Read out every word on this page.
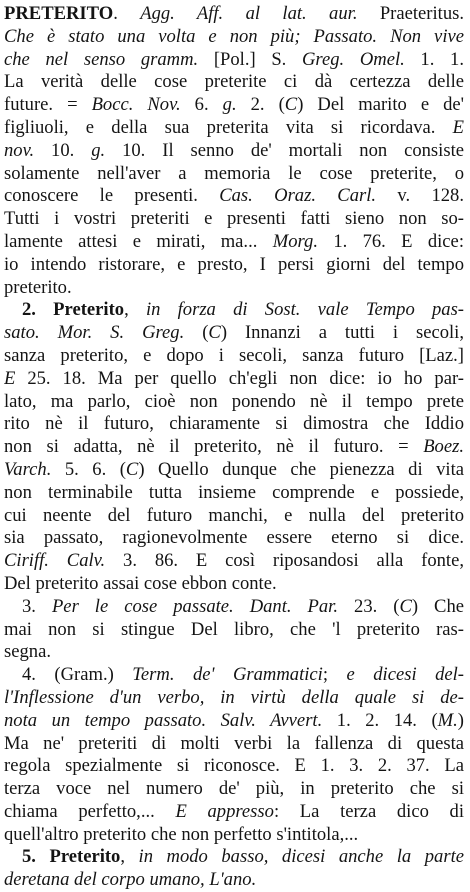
PRETERITO. Agg. Aff. al lat. aur. Praeteritus.
Che è stato una volta e non più; Passato. Non vive
che nel senso gramm. [Pol.] S. Greg. Omel. 1. 1.
La verità delle cose preterite ci dà certezza delle
future. = Bocc. Nov. 6. g. 2. (C) Del marito e de'
figliuoli, e della sua preterita vita si ricordava. E
nov. 10. g. 10. Il senno de' mortali non consiste
solamente nell'aver a memoria le cose preterite, o
conoscere le presenti. Cas. Oraz. Carl. v. 128.
Tutti i vostri preteriti e presenti fatti sieno non so-
lamente attesi e mirati, ma... Morg. 1. 76. E dice:
io intendo ristorare, e presto, I persi giorni del tempo
preterito.
2. Preterito, in forza di Sost. vale Tempo pas-
sato. Mor. S. Greg. (C) Innanzi a tutti i secoli,
sanza preterito, e dopo i secoli, sanza futuro [Laz.]
E 25. 18. Ma per quello ch'egli non dice: io ho par-
lato, ma parlo, cioè non ponendo nè il tempo prete
rito nè il futuro, chiaramente si dimostra che Iddio
non si adatta, nè il preterito, nè il futuro. = Boez.
Varch. 5. 6. (C) Quello dunque che pienezza di vita
non terminabile tutta insieme comprende e possiede,
cui neente del futuro manchi, e nulla del preterito
sia passato, ragionevolmente essere eterno si dice.
Ciriff. Calv. 3. 86. E così riposandosi alla fonte,
Del preterito assai cose ebbon conte.
3. Per le cose passate. Dant. Par. 23. (C) Che
mai non si stingue Del libro, che 'l preterito ras-
segna.
4. (Gram.) Term. de' Grammatici; e dicesi del-
l'Inflessione d'un verbo, in virtù della quale si de-
nota un tempo passato. Salv. Avvert. 1. 2. 14. (M.)
Ma ne' preteriti di molti verbi la fallenza di questa
regola spezialmente si riconosce. E 1. 3. 2. 37. La
terza voce nel numero de' più, in preterito che si
chiama perfetto,... E appresso: La terza dico di
quell'altro preterito che non perfetto s'intitola,...
5. Preterito, in modo basso, dicesi anche la parte
deretana del corpo umano, L'ano.
